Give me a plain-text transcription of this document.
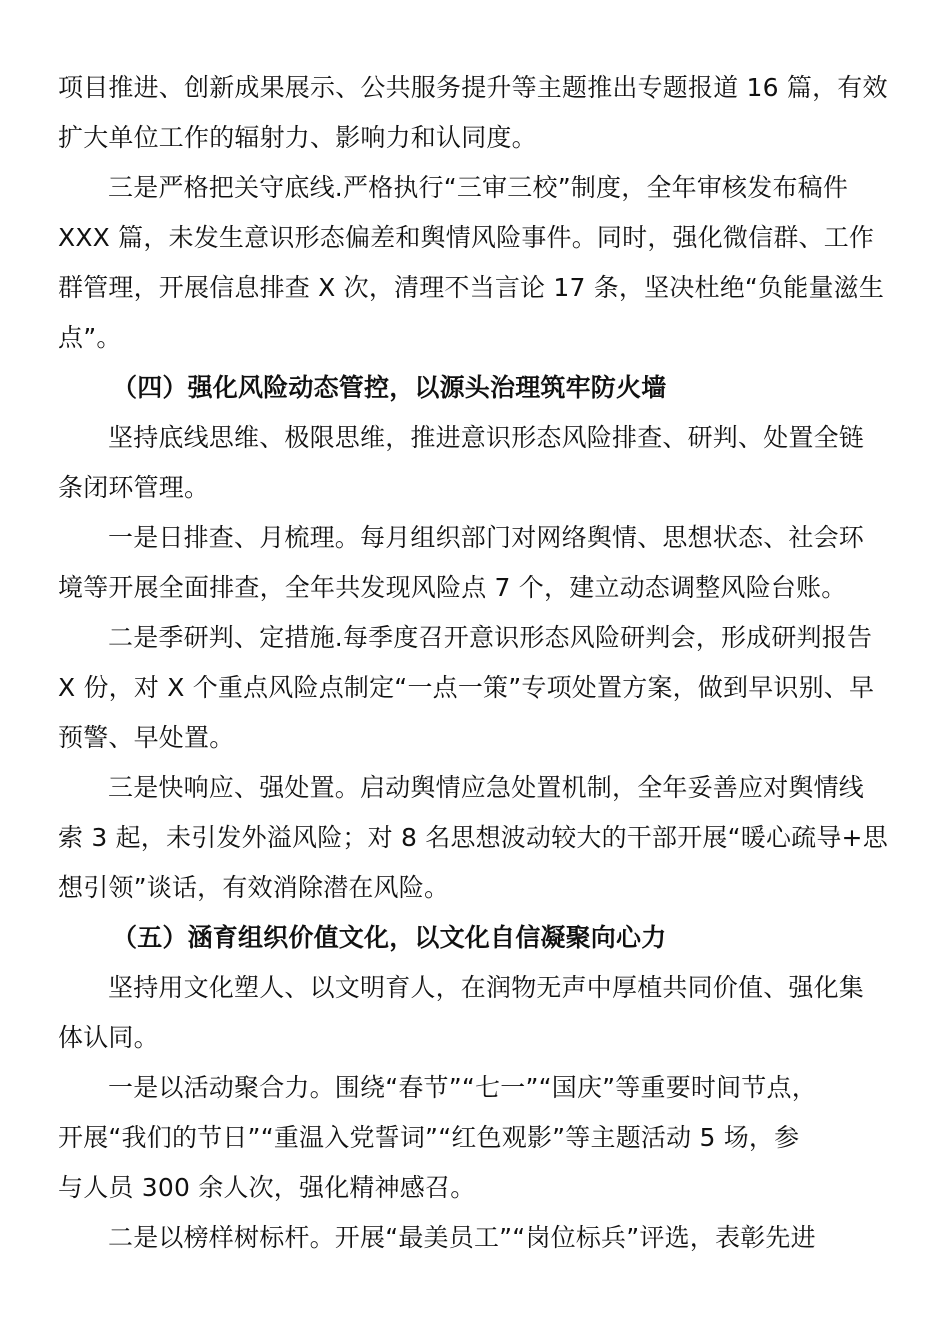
项目推进、创新成果展示、公共服务提升等主题推出专题报道 16 篇，有效
扩大单位工作的辐射力、影响力和认同度。
三是严格把关守底线.严格执行“三审三校”制度，全年审核发布稿件
XXX 篇，未发生意识形态偏差和舆情风险事件。同时，强化微信群、工作
群管理，开展信息排查 X 次，清理不当言论 17 条，坚决杜绝“负能量滋生
点”。
（四）强化风险动态管控，以源头治理筑牢防火墙
坚持底线思维、极限思维，推进意识形态风险排查、研判、处置全链
条闭环管理。
一是日排查、月梳理。每月组织部门对网络舆情、思想状态、社会环
境等开展全面排查，全年共发现风险点 7 个，建立动态调整风险台账。
二是季研判、定措施.每季度召开意识形态风险研判会，形成研判报告
X 份，对 X 个重点风险点制定“一点一策”专项处置方案，做到早识别、早
预警、早处置。
三是快响应、强处置。启动舆情应急处置机制，全年妥善应对舆情线
索 3 起，未引发外溢风险；对 8 名思想波动较大的干部开展“暖心疏导+思
想引领”谈话，有效消除潜在风险。
（五）涵育组织价值文化，以文化自信凝聚向心力
坚持用文化塑人、以文明育人，在润物无声中厚植共同价值、强化集
体认同。
一是以活动聚合力。围绕“春节”“七一”“国庆”等重要时间节点，
开展“我们的节日”“重温入党誓词”“红色观影”等主题活动 5 场，参
与人员 300 余人次，强化精神感召。
二是以榜样树标杆。开展“最美员工”“岗位标兵”评选，表彰先进
